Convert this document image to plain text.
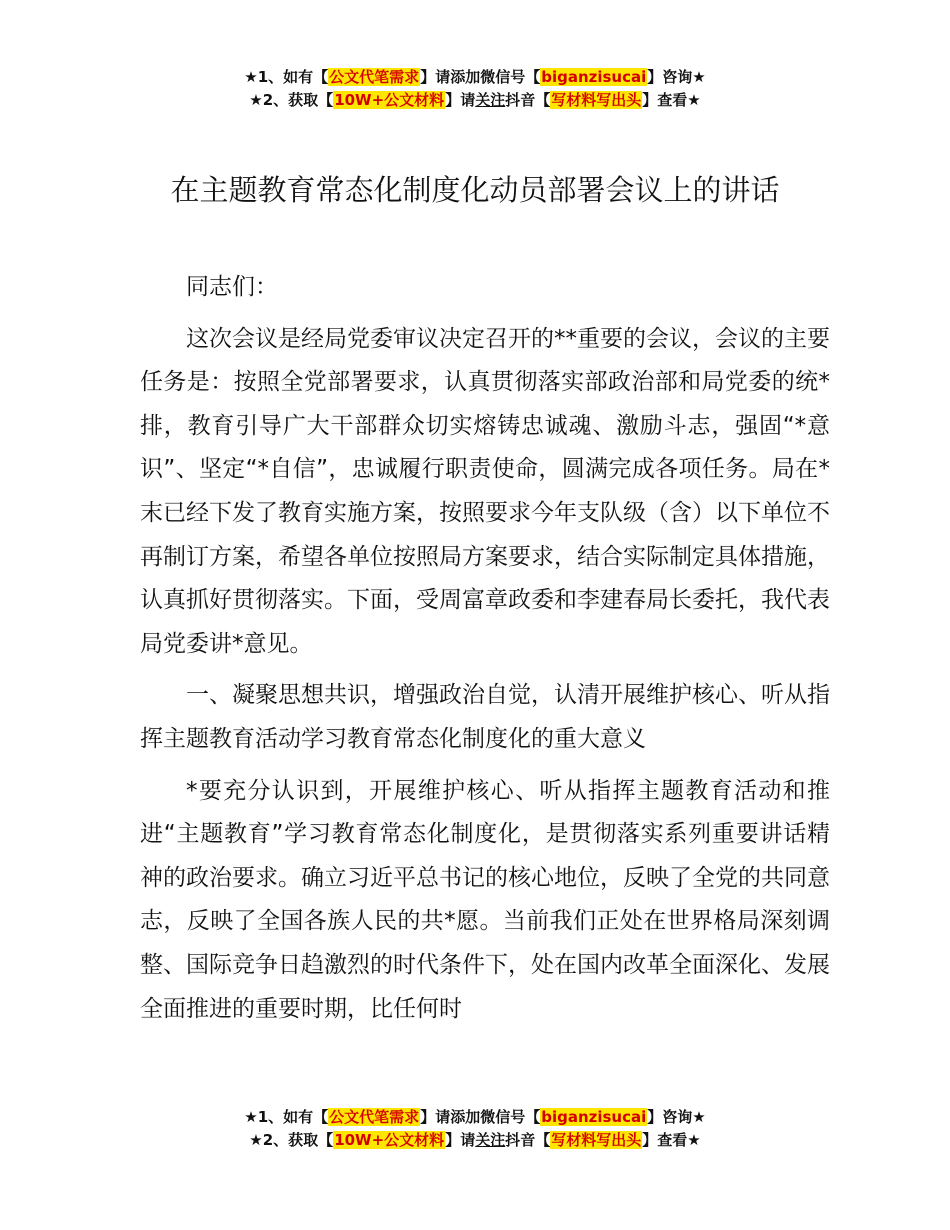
★1、如有【公文代笔需求】请添加微信号【biganzisucai】咨询★
★2、获取【10W+公文材料】请关注抖音【写材料写出头】查看★
在主题教育常态化制度化动员部署会议上的讲话

同志们：

这次会议是经局党委审议决定召开的**重要的会议，会议的主要任务是：按照全党部署要求，认真贯彻落实部政治部和局党委的统*排，教育引导广大干部群众切实熔铸忠诚魂、激励斗志，强固“*意识”、坚定“*自信”，忠诚履行职责使命，圆满完成各项任务。局在*末已经下发了教育实施方案，按照要求今年支队级（含）以下单位不再制订方案，希望各单位按照局方案要求，结合实际制定具体措施，认真抓好贯彻落实。下面，受周富章政委和李建春局长委托，我代表局党委讲*意见。

一、凝聚思想共识，增强政治自觉，认清开展维护核心、听从指挥主题教育活动学习教育常态化制度化的重大意义

*要充分认识到，开展维护核心、听从指挥主题教育活动和推进“主题教育”学习教育常态化制度化，是贯彻落实系列重要讲话精神的政治要求。确立习近平总书记的核心地位，反映了全党的共同意志，反映了全国各族人民的共*愿。当前我们正处在世界格局深刻调整、国际竞争日趋激烈的时代条件下，处在国内改革全面深化、发展全面推进的重要时期，比任何时

★1、如有【公文代笔需求】请添加微信号【biganzisucai】咨询★
★2、获取【10W+公文材料】请关注抖音【写材料写出头】查看★
